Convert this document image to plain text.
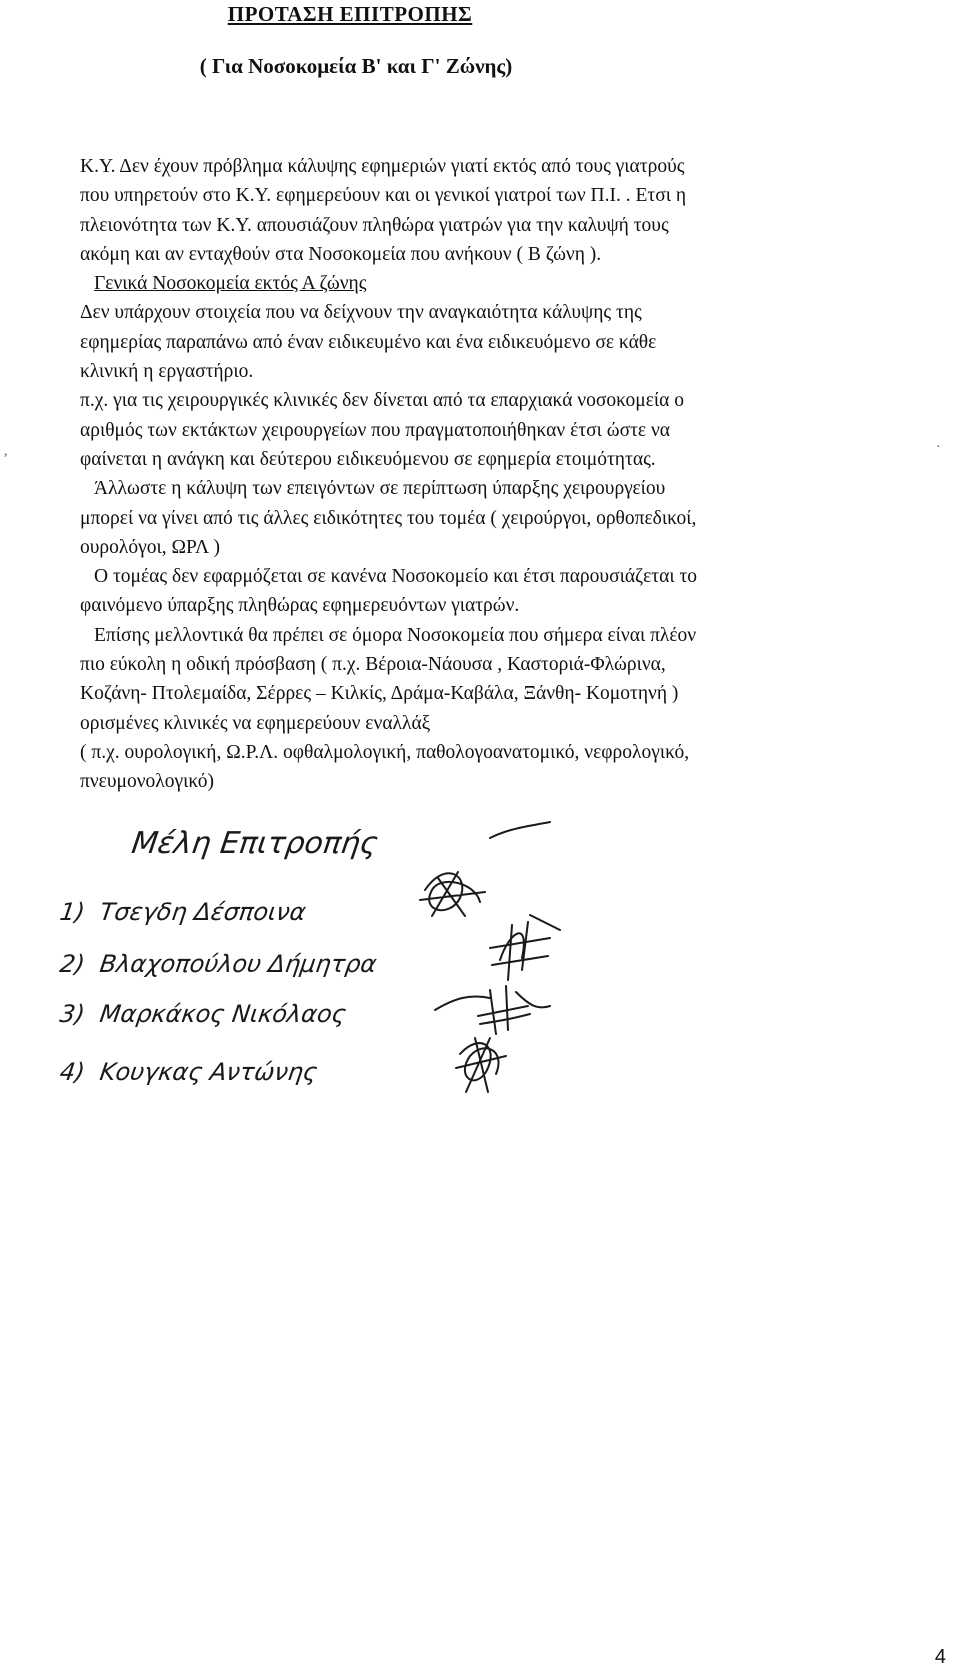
ΠΡΟΤΑΣΗ ΕΠΙΤΡΟΠΗΣ
( Για Νοσοκομεία Β' και Γ' Ζώνης)
Κ.Υ. Δεν έχουν πρόβλημα κάλυψης εφημεριών γιατί εκτός από τους γιατρούς
που υπηρετούν στο Κ.Υ. εφημερεύουν και οι γενικοί γιατροί των Π.Ι. . Ετσι η
πλειονότητα των Κ.Υ. απουσιάζουν πληθώρα γιατρών για την καλυψή τους
ακόμη και αν ενταχθούν στα Νοσοκομεία που ανήκουν ( Β ζώνη ).
Γενικά Νοσοκομεία εκτός Α ζώνης
Δεν υπάρχουν στοιχεία που να δείχνουν την αναγκαιότητα κάλυψης της
εφημερίας παραπάνω από έναν ειδικευμένο και ένα ειδικευόμενο σε κάθε
κλινική η εργαστήριο.
π.χ. για τις χειρουργικές κλινικές δεν δίνεται από τα επαρχιακά νοσοκομεία ο
αριθμός των εκτάκτων χειρουργείων που πραγματοποιήθηκαν έτσι ώστε να
φαίνεται η ανάγκη και δεύτερου ειδικευόμενου σε εφημερία ετοιμότητας.
Άλλωστε η κάλυψη των επειγόντων σε περίπτωση ύπαρξης χειρουργείου
μπορεί να γίνει από τις άλλες ειδικότητες του τομέα ( χειρούργοι, ορθοπεδικοί,
ουρολόγοι, ΩΡΛ )
Ο τομέας δεν εφαρμόζεται σε κανένα Νοσοκομείο και έτσι παρουσιάζεται το
φαινόμενο ύπαρξης πληθώρας εφημερευόντων γιατρών.
Επίσης μελλοντικά θα πρέπει σε όμορα Νοσοκομεία που σήμερα είναι πλέον
πιο εύκολη η οδική πρόσβαση ( π.χ. Βέροια-Νάουσα , Καστοριά-Φλώρινα,
Κοζάνη- Πτολεμαίδα, Σέρρες – Κιλκίς, Δράμα-Καβάλα, Ξάνθη- Κομοτηνή )
ορισμένες κλινικές να εφημερεύουν εναλλάξ
( π.χ. ουρολογική, Ω.Ρ.Λ. οφθαλμολογική, παθολογοανατομικό, νεφρολογικό,
πνευμονολογικό)
Μέλη Επιτροπής
1) Τσεγδη Δέσποινα
2) Βλαχοπούλου Δήμητρα
3) Μαρκάκος Νικόλαος
4) Κουγκας Αντώνης
,	·
4
